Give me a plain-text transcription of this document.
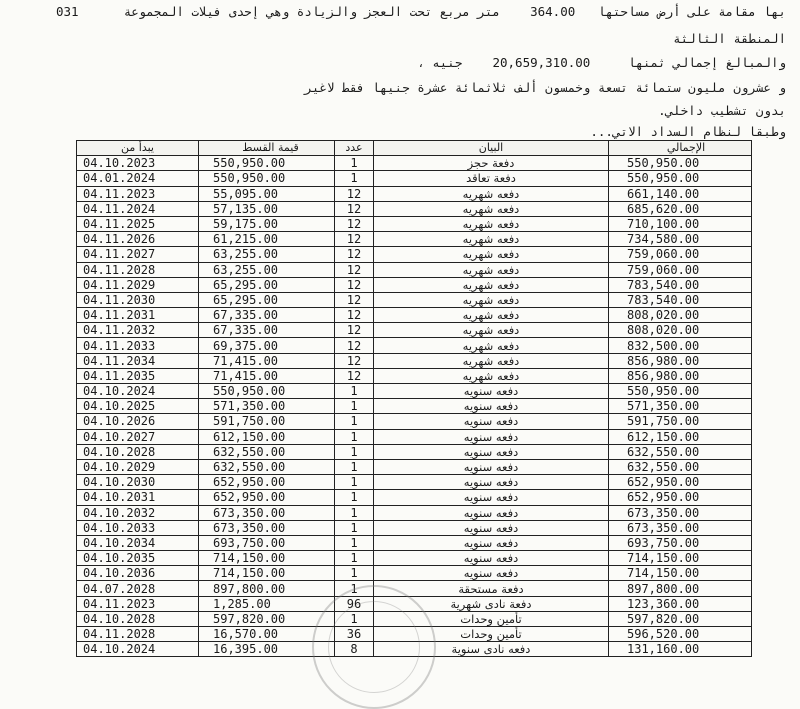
بها مقامة على أرض مساحتها   364.00    متر مربع تحت العجز والزيادة وهي إحدى فيلات المجموعة      031
المنطقة الثالثة
والمبالغ إجمالي ثمنها     20,659,310.00    جنيه ،
و عشرون مليون ستمائة تسعة وخمسون ألف ثلاثمائة عشرة جنيها فقط لاغير
بدون تشطيب داخلي.
وطبقا لنظام السداد الاتي...
يبدأ من	قيمة القسط	عدد	البيان	الإجمالي
04.10.2023	550,950.00	1	دفعة حجز	550,950.00
04.01.2024	550,950.00	1	دفعة تعاقد	550,950.00
04.11.2023	55,095.00	12	دفعه شهريه	661,140.00
04.11.2024	57,135.00	12	دفعه شهريه	685,620.00
04.11.2025	59,175.00	12	دفعه شهريه	710,100.00
04.11.2026	61,215.00	12	دفعه شهريه	734,580.00
04.11.2027	63,255.00	12	دفعه شهريه	759,060.00
04.11.2028	63,255.00	12	دفعه شهريه	759,060.00
04.11.2029	65,295.00	12	دفعه شهريه	783,540.00
04.11.2030	65,295.00	12	دفعه شهريه	783,540.00
04.11.2031	67,335.00	12	دفعه شهريه	808,020.00
04.11.2032	67,335.00	12	دفعه شهريه	808,020.00
04.11.2033	69,375.00	12	دفعه شهريه	832,500.00
04.11.2034	71,415.00	12	دفعه شهريه	856,980.00
04.11.2035	71,415.00	12	دفعه شهريه	856,980.00
04.10.2024	550,950.00	1	دفعه سنويه	550,950.00
04.10.2025	571,350.00	1	دفعه سنويه	571,350.00
04.10.2026	591,750.00	1	دفعه سنويه	591,750.00
04.10.2027	612,150.00	1	دفعه سنويه	612,150.00
04.10.2028	632,550.00	1	دفعه سنويه	632,550.00
04.10.2029	632,550.00	1	دفعه سنويه	632,550.00
04.10.2030	652,950.00	1	دفعه سنويه	652,950.00
04.10.2031	652,950.00	1	دفعه سنويه	652,950.00
04.10.2032	673,350.00	1	دفعه سنويه	673,350.00
04.10.2033	673,350.00	1	دفعه سنويه	673,350.00
04.10.2034	693,750.00	1	دفعه سنويه	693,750.00
04.10.2035	714,150.00	1	دفعه سنويه	714,150.00
04.10.2036	714,150.00	1	دفعه سنويه	714,150.00
04.07.2028	897,800.00	1	دفعة مستحقة	897,800.00
04.11.2023	1,285.00	96	دفعة نادى شهرية	123,360.00
04.10.2028	597,820.00	1	تأمين وحدات	597,820.00
04.11.2028	16,570.00	36	تأمين وحدات	596,520.00
04.10.2024	16,395.00	8	دفعه نادى سنوية	131,160.00
